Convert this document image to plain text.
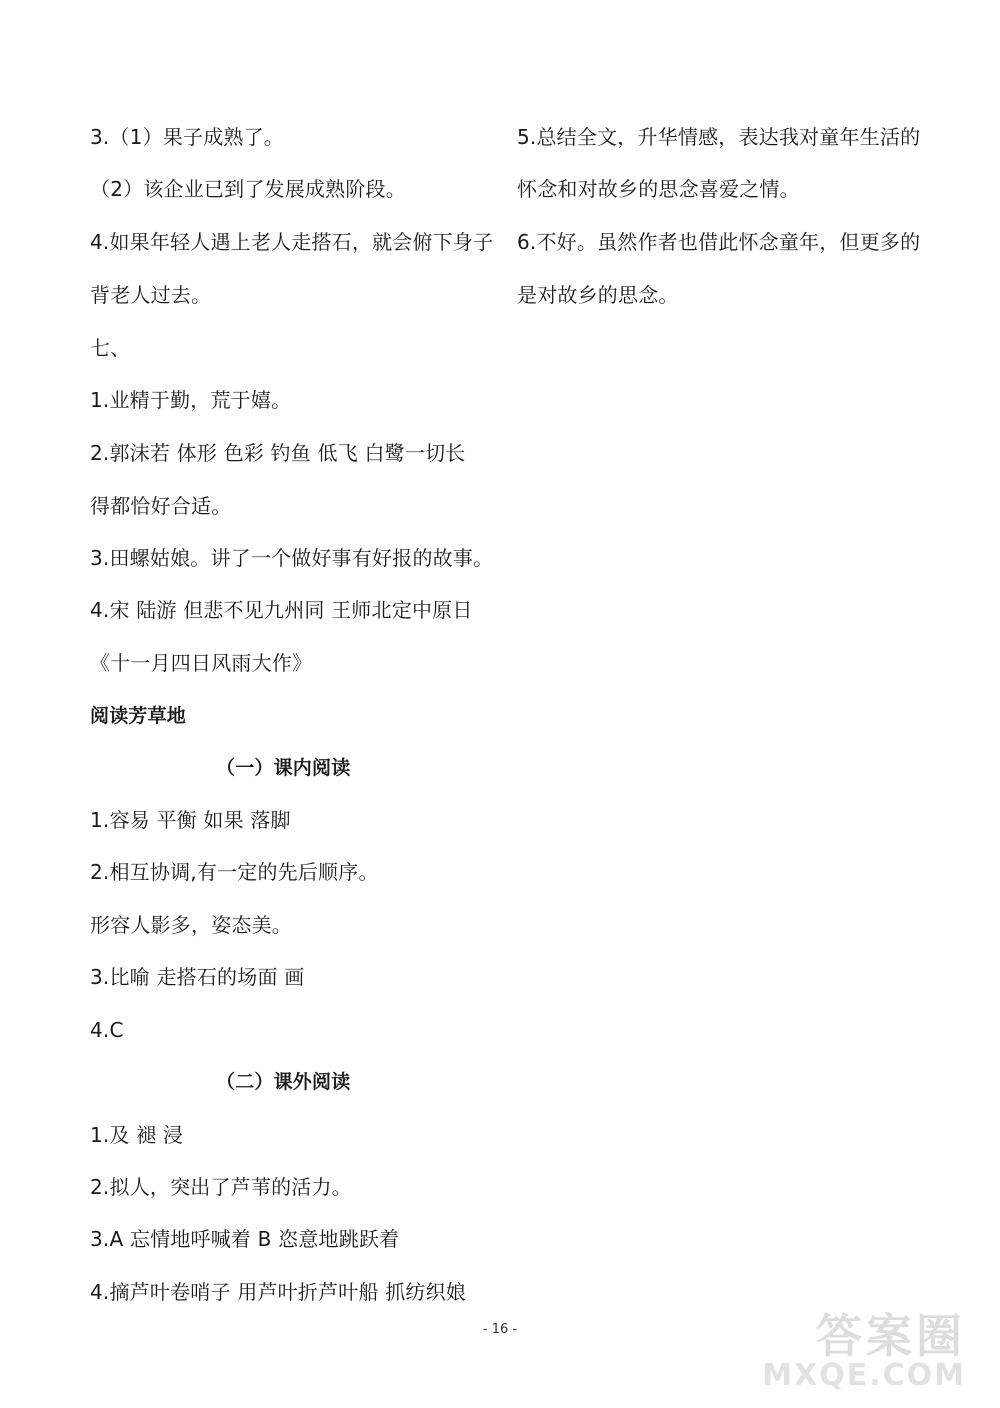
3.（1）果子成熟了。
（2）该企业已到了发展成熟阶段。
4.如果年轻人遇上老人走搭石，就会俯下身子
背老人过去。
七、
1.业精于勤，荒于嬉。
2.郭沫若 体形 色彩 钓鱼 低飞 白鹭一切长
得都恰好合适。
3.田螺姑娘。讲了一个做好事有好报的故事。
4.宋 陆游 但悲不见九州同 王师北定中原日
《十一月四日风雨大作》
阅读芳草地
（一）课内阅读
1.容易 平衡 如果 落脚
2.相互协调,有一定的先后顺序。
形容人影多，姿态美。
3.比喻 走搭石的场面 画
4.C
（二）课外阅读
1.及 褪 浸
2.拟人，突出了芦苇的活力。
3.A 忘情地呼喊着 B 恣意地跳跃着
4.摘芦叶卷哨子 用芦叶折芦叶船 抓纺织娘
5.总结全文，升华情感，表达我对童年生活的
怀念和对故乡的思念喜爱之情。
6.不好。虽然作者也借此怀念童年，但更多的
是对故乡的思念。
- 16 -	答案圈
MXQE.COM
